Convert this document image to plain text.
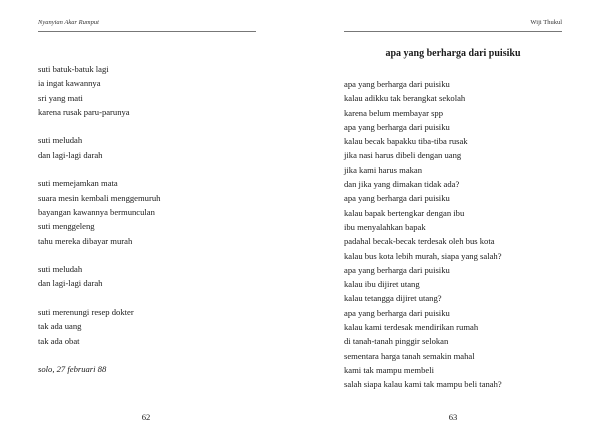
Nyanyian Akar Rumput
suti batuk-batuk lagi
ia ingat kawannya
sri yang mati
karena rusak paru-parunya
suti meludah
dan lagi-lagi darah
suti memejamkan mata
suara mesin kembali menggemuruh
bayangan kawannya bermunculan
suti menggeleng
tahu mereka dibayar murah
suti meludah
dan lagi-lagi darah
suti merenungi resep dokter
tak ada uang
tak ada obat
solo, 27 februari 88
62
Wiji Thukul
apa yang berharga dari puisiku
apa yang berharga dari puisiku
kalau adikku tak berangkat sekolah
karena belum membayar spp
apa yang berharga dari puisiku
kalau becak bapakku tiba-tiba rusak
jika nasi harus dibeli dengan uang
jika kami harus makan
dan jika yang dimakan tidak ada?
apa yang berharga dari puisiku
kalau bapak bertengkar dengan ibu
ibu menyalahkan bapak
padahal becak-becak terdesak oleh bus kota
kalau bus kota lebih murah, siapa yang salah?
apa yang berharga dari puisiku
kalau ibu dijiret utang
kalau tetangga dijiret utang?
apa yang berharga dari puisiku
kalau kami terdesak mendirikan rumah
di tanah-tanah pinggir selokan
sementara harga tanah semakin mahal
kami tak mampu membeli
salah siapa kalau kami tak mampu beli tanah?
63
